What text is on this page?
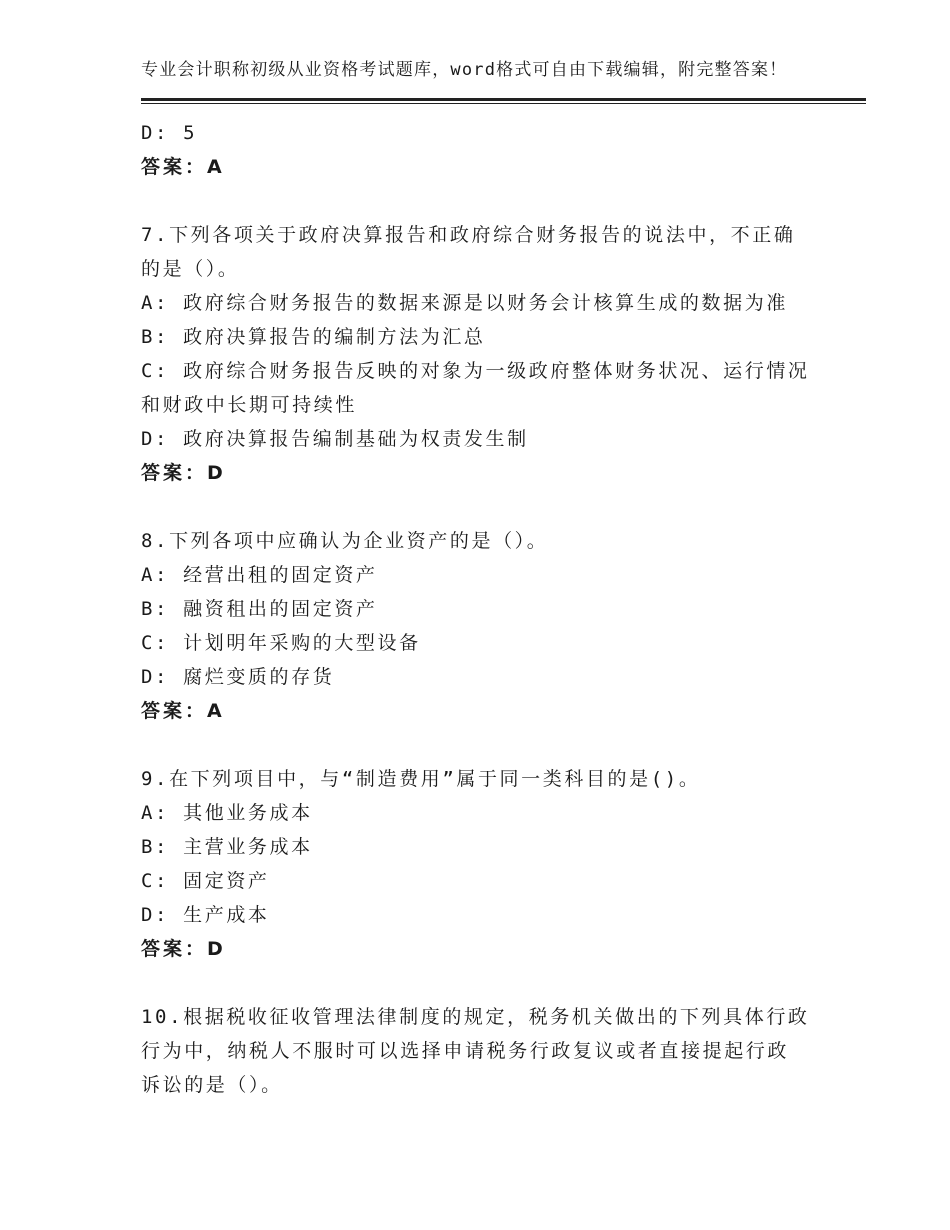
专业会计职称初级从业资格考试题库，word格式可自由下载编辑，附完整答案！

D: 5

答案：A

7.下列各项关于政府决算报告和政府综合财务报告的说法中，不正确

的是（）。

A: 政府综合财务报告的数据来源是以财务会计核算生成的数据为准

B: 政府决算报告的编制方法为汇总

C: 政府综合财务报告反映的对象为一级政府整体财务状况、运行情况

和财政中长期可持续性

D: 政府决算报告编制基础为权责发生制

答案：D

8.下列各项中应确认为企业资产的是（）。

A: 经营出租的固定资产

B: 融资租出的固定资产

C: 计划明年采购的大型设备

D: 腐烂变质的存货

答案：A

9.在下列项目中，与“制造费用”属于同一类科目的是()。

A: 其他业务成本

B: 主营业务成本

C: 固定资产

D: 生产成本

答案：D

10.根据税收征收管理法律制度的规定，税务机关做出的下列具体行政

行为中，纳税人不服时可以选择申请税务行政复议或者直接提起行政

诉讼的是（）。
